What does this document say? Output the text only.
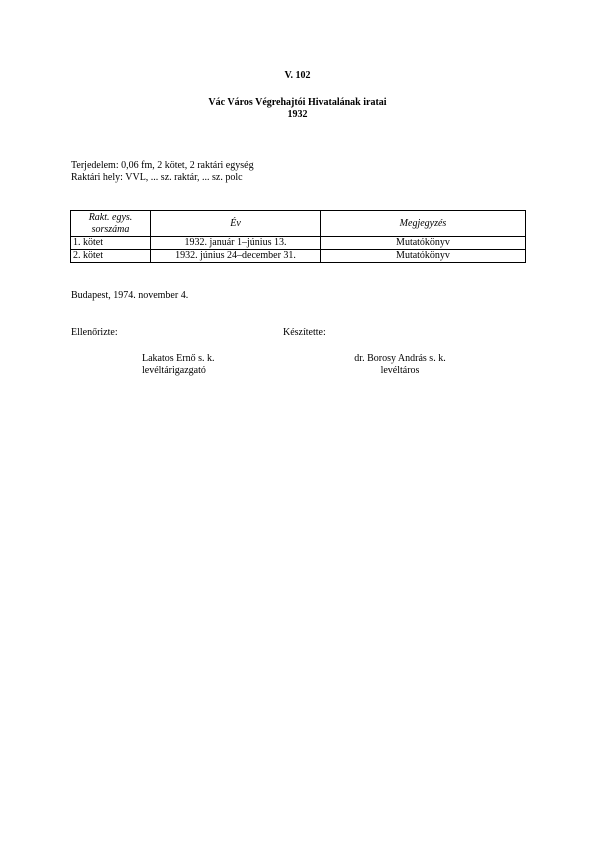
V. 102
Vác Város Végrehajtói Hivatalának iratai
1932
Terjedelem: 0,06 fm, 2 kötet, 2 raktári egység
Raktári hely: VVL, ... sz. raktár, ... sz. polc
Rakt. egys.
sorszáma	Év	Megjegyzés
1. kötet	1932. január 1–június 13.	Mutatókönyv
2. kötet	1932. június 24–december 31.	Mutatókönyv
Budapest, 1974. november 4.
Ellenőrizte:	Készítette:
Lakatos Ernő s. k.
levéltárigazgató
dr. Borosy András s. k.
levéltáros
